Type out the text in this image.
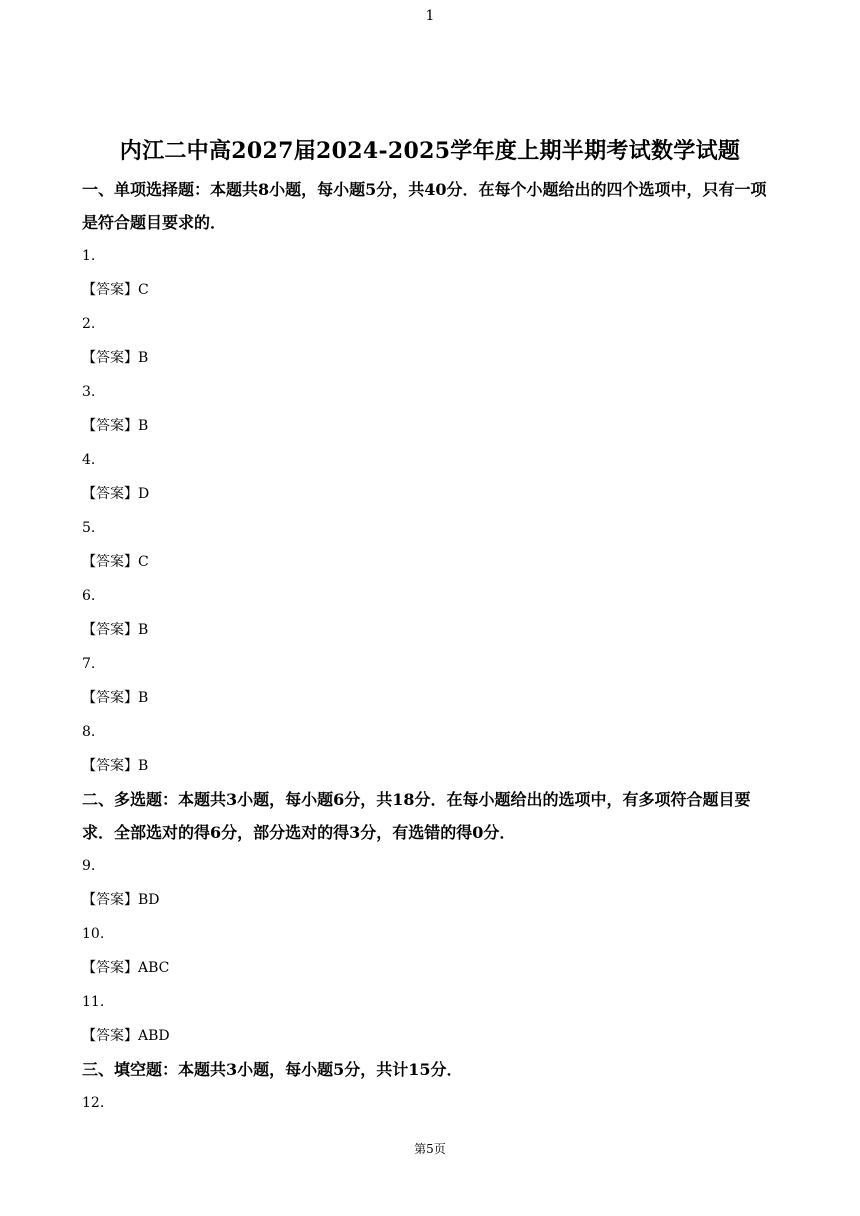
1
内江二中高2027届2024-2025学年度上期半期考试数学试题
一、单项选择题：本题共8小题，每小题5分，共40分．在每个小题给出的四个选项中，只有一项是符合题目要求的．
1.
【答案】C
2.
【答案】B
3.
【答案】B
4.
【答案】D
5.
【答案】C
6.
【答案】B
7.
【答案】B
8.
【答案】B
二、多选题：本题共3小题，每小题6分，共18分．在每小题给出的选项中，有多项符合题目要求．全部选对的得6分，部分选对的得3分，有选错的得0分．
9.
【答案】BD
10.
【答案】ABC
11.
【答案】ABD
三、填空题：本题共3小题，每小题5分，共计15分．
12.
第5页
